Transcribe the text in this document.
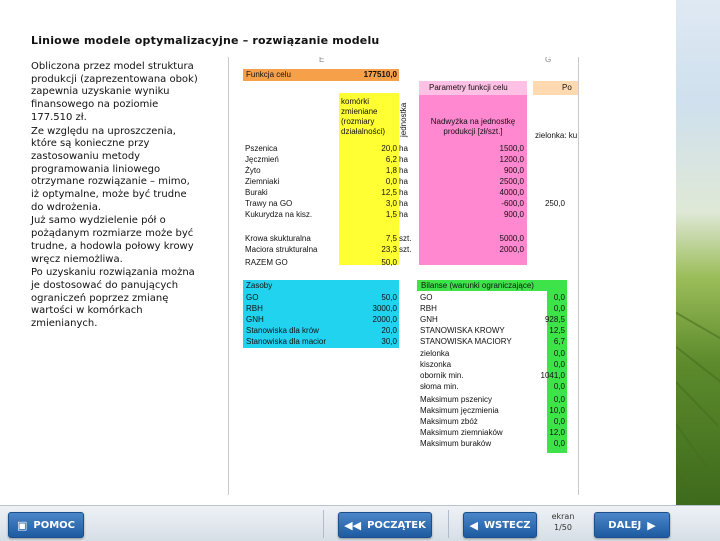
Liniowe modele optymalizacyjne – rozwiązanie modelu

Obliczona przez model struktura produkcji (zaprezentowana obok) zapewnia uzyskanie wyniku finansowego na poziomie 177.510 zł.

Ze względu na uproszczenia, które są konieczne przy zastosowaniu metody programowania liniowego otrzymane rozwiązanie – mimo, iż optymalne, może być trudne do wdrożenia.

Już samo wydzielenie pół o pożądanym rozmiarze może być trudne, a hodowla połowy krowy wręcz niemożliwa.

Po uzyskaniu rozwiązania można je dostosować do panujących ograniczeń poprzez zmianę wartości w komórkach zmienianych.

E	G
Funkcja celu	177510,0
Parametry funkcji celu	Po
komórki zmieniane (rozmiary działalności)	jednostka	Nadwyżka na jednostkę produkcji [zł/szt.]	zielonka: ku
Pszenica	20,0 ha	1500,0
Jęczmień	6,2 ha	1200,0
Żyto	1,8 ha	900,0
Ziemniaki	0,0 ha	2500,0
Buraki	12,5 ha	4000,0
Trawy na GO	3,0 ha	-600,0	250,0
Kukurydza na kisz.	1,5 ha	900,0
Krowa skukturalna	7,5 szt.	5000,0
Maciora strukturalna	23,3 szt.	2000,0
RAZEM GO	50,0
Zasoby
GO	50,0
RBH	3000,0
GNH	2000,0
Stanowiska dla krów	20,0
Stanowiska dla macior	30,0
Bilanse (warunki ograniczające)
GO	0,0
RBH	0,0
GNH	928,5
STANOWISKA KROWY	12,5
STANOWISKA MACIORY	6,7
zielonka	0,0
kiszonka	0,0
obornik min.	1041,0
słoma min.	0,0
Maksimum pszenicy	0,0
Maksimum jęczmienia	10,0
Maksimum zbóż	0,0
Maksimum ziemniaków	12,0
Maksimum buraków	0,0
▣ POMOC	◀◀ POCZĄTEK	◀ WSTECZ
ekran
1/50	DALEJ ▶
